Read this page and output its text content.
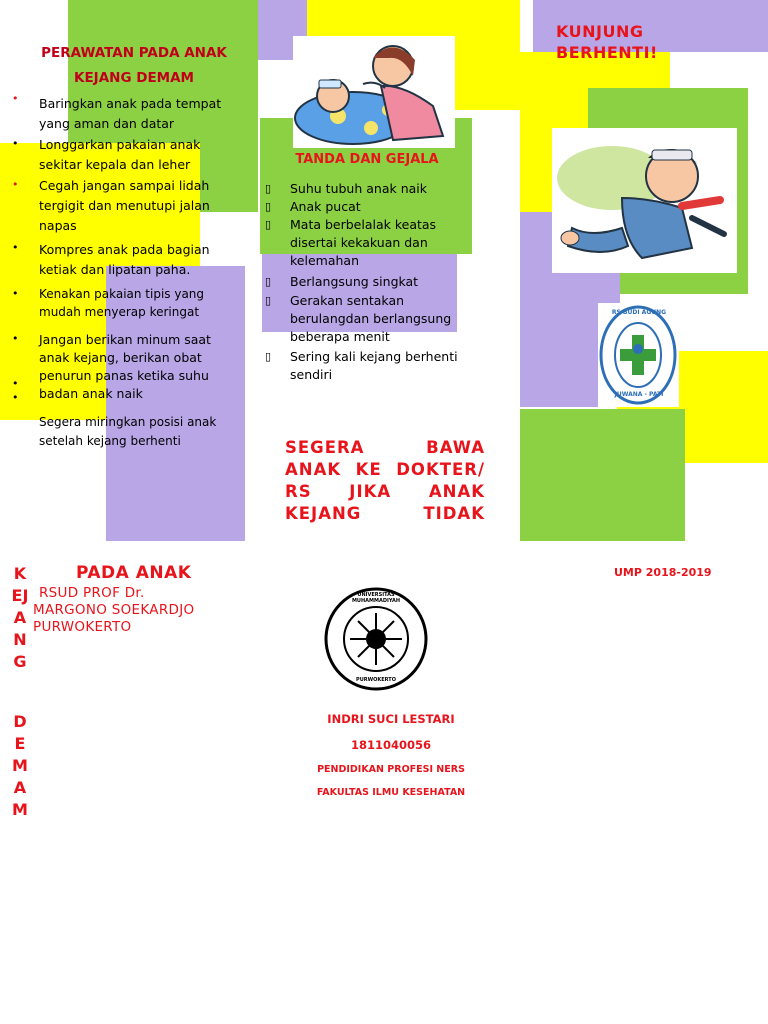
PERAWATAN PADA ANAK
KEJANG DEMAM
•
•
•
•
•
•
•
•
Baringkan anak pada tempat yang aman dan datar
Longgarkan pakaian anak sekitar kepala dan leher
Cegah jangan sampai lidah tergigit dan menutupi jalan napas
Kompres anak pada bagian ketiak dan lipatan paha.
Kenakan pakaian tipis yang mudah menyerap keringat
Jangan berikan minum saat anak kejang, berikan obat penurun panas ketika suhu badan anak naik
Segera miringkan posisi anak setelah kejang berhenti
TANDA DAN GEJALA
▯ Suhu tubuh anak naik
▯ Anak pucat
▯ Mata berbelalak keatas disertai kekakuan dan kelemahan
▯ Berlangsung singkat
▯ Gerakan sentakan berulangdan berlangsung beberapa menit
▯ Sering kali kejang berhenti sendiri
SEGERA BAWA ANAK KE DOKTER/ RS JIKA ANAK KEJANG TIDAK
KUNJUNG BERHENTI!
RS BUDI AGUNG
JUWANA - PATI
UMP 2018-2019
KEJANG
DEMAM
PADA ANAK
RSUD PROF Dr.
MARGONO SOEKARDJO
PURWOKERTO
UNIVERSITAS MUHAMMADIYAH
PURWOKERTO
INDRI SUCI LESTARI
1811040056
PENDIDIKAN PROFESI NERS
FAKULTAS ILMU KESEHATAN
